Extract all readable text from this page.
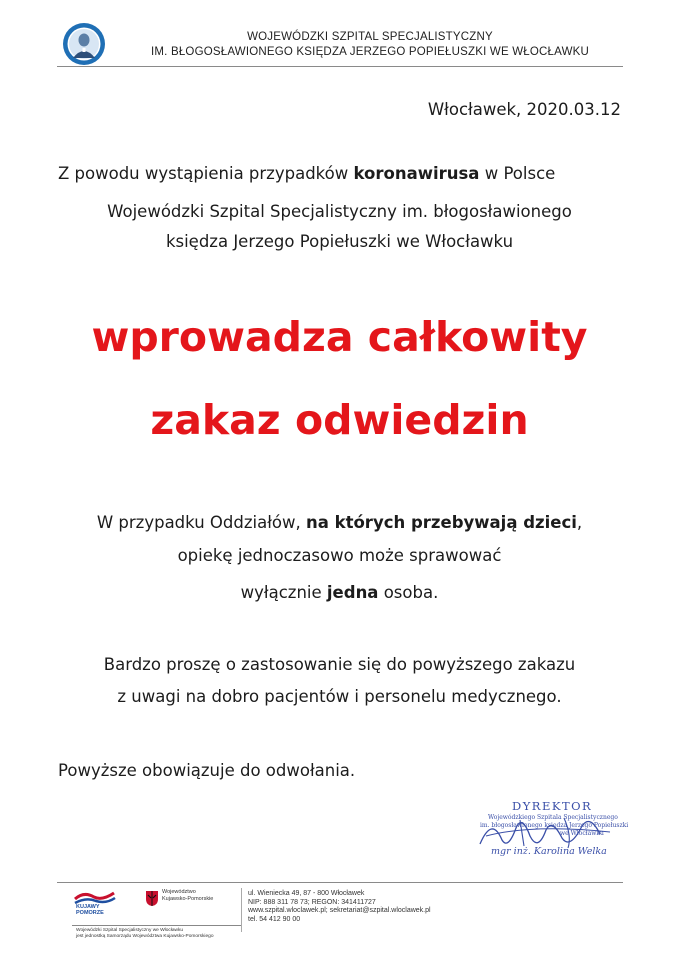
WOJEWÓDZKI SZPITAL SPECJALISTYCZNY
IM. BŁOGOSŁAWIONEGO KSIĘDZA JERZEGO POPIEŁUSZKI WE WŁOCŁAWKU
Włocławek, 2020.03.12
Z powodu wystąpienia przypadków koronawirusa w Polsce
Wojewódzki Szpital Specjalistyczny im. błogosławionego
księdza Jerzego Popiełuszki we Włocławku
wprowadza całkowity
zakaz odwiedzin
W przypadku Oddziałów, na których przebywają dzieci,
opiekę jednoczasowo może sprawować
wyłącznie jedna osoba.
Bardzo proszę o zastosowanie się do powyższego zakazu
z uwagi na dobro pacjentów i personelu medycznego.
Powyższe obowiązuje do odwołania.
DYREKTOR
Wojewódzkiego Szpitala Specjalistycznego
im. błogosławionego księdza Jerzego Popiełuszki
we Włocławku
mgr inż. Karolina Welka
KUJAWY POMORZE
Województwo
Kujawsko-Pomorskie
Wojewódzki Szpital Specjalistyczny we Włocławku
jest jednostką Samorządu Województwa Kujawsko-Pomorskiego
ul. Wieniecka 49, 87 - 800 Włocławek
NIP: 888 311 78 73; REGON: 341411727
www.szpital.wloclawek.pl; sekretariat@szpital.wloclawek.pl
tel. 54 412 90 00
